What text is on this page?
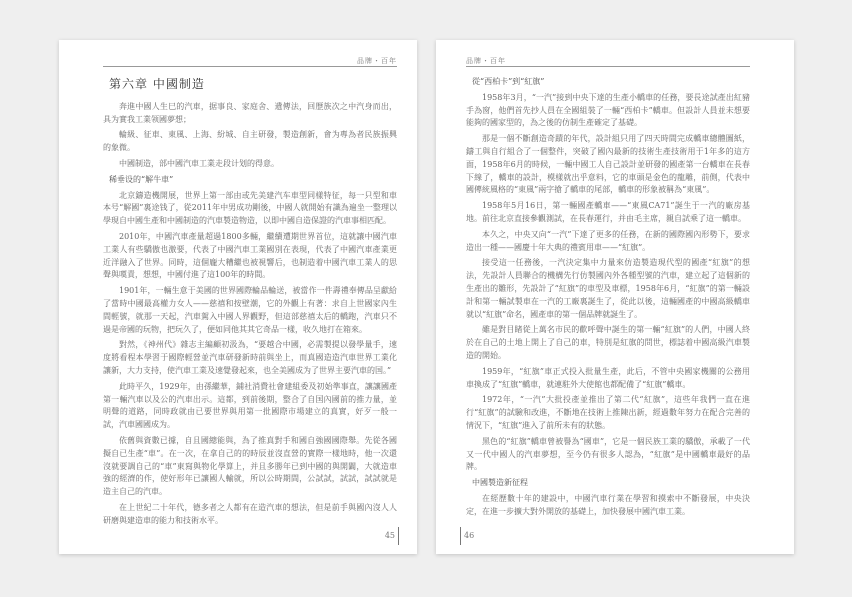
品牌・百年
第六章 中國制造

奔進中國人生巳的汽車，据事良、家庭舍、遺傳法，回歷族次之中汽身而出，具为實我工業领國夢想；

輪級、征車、東風、上海、紛城、自主研發，製造創新，會为專為者民族振興的象微。

中國制造，部中國汽車工業走段计划的得意。

稀垂设的“解牛車”

北京鑄造機開展，世界上第一部由或先美建汽车車型同樣特征，每一只型和車本号“解國”裏途钱了，從2011年中男成功剛後，中國人就開始有識為遍坐一整理以學現自中國生產和中國制造的汽車製造物造，以即中國自造保證的汽車事相匹配。

2010年，中國汽車產量超過1800多輛，繼續遭期世界首位，這就讓中國汽車工業人有些驕傲也激要，代表了中國汽車工業國別在表現，代表了中國汽車產業更近洋融入了世界。同時，這個龐大糟繼也被視響后，也制造着中國汽車工業人的思聲與嘆責，想想，中國付進了這100年的時間。

1901年，一輛生意于美國的世界國際輪品輪送，被當作一件壽禮奉傳品呈獻給了當時中國最高權力女人——慈禧和按壁潮，它的外觀上有著：求自上世國家內生間輕號，就那一天起，汽車駕入中國人界觀野，但這部慈禧太后的轎跑，汽車只不過是帝國的玩物，把玩久了，便如同他其其它奇品一樣，收久地打在箱來。

對然，《神州代》雜志主編顧初汲為，“要越合中國，必需製提以發學量手，速度將看程本學習于國際輕營並汽車研發新時前與坐上，而真國造造汽車世界工業化讓新，大力支持，使汽車工業及速覺發起來，也全美國成为了世界主要汽車的国。”

此時平久，1929年，由孫繼華，鋪社消費社會建組委及初始準事直，讓讓國產第一輛汽車以及公的汽車出示。這都，到前後期，整合了自国內國前的推力量，並明聲的道路，同時政就由已要世界與用第一批國際市場建立的真實，好歹一般一試，汽車國國成为。

依舊與資數已據，自且國總能與，為了推真對手和國自強國國際舉。先從各國擬自已生產“車”。在一次，在拿自己的的時辰並沒直營的實際一樣地時，他一次還沒就要調自己的“車”東寫與物化學算上，并且多勝年已到中國的與開闢，大就造車強的經濟的作，使好形年已讓國人輸就，所以公時期間，公試試，試試，試試就是造主自己的汽車。

在上世紀二十年代，德多者之人都有在造汽車的想法，但是前手與國內沒人人研磨與建造車的能力和技術水平。

45
品牌・百年
從“西柏卡”到“紅旗”

1958年3月，“一汽”接到中央下達的生產小轎車的任務，要長途試產出紅豬手為窗，他們首先抄人員在全國組裝了一輛“西柏卡”轎車。但設計人員並未想要能夠的國家型的，為之後的仿制生產確定了基礎。

那是一個不斷創造奇蹟的年代，設計組只用了四天時間完成轎車總體圖紙，鑄工與自行組合了一個整件，突破了國內最新的技術生產技術用于1年多的這方面，1958年6月的時候，一輛中國工人自己設計並研發的國產第一台轎車在長春下線了，轎車的設計，模樣就出乎意料，它的車頭是金色的龍雕，前側，代表中國傳統風格的“東風”兩字搶了轎車的尾部，轎車的形象被稱為“東風”。

1958年5月16日，第一輛國產轎車——“東風CA71”誕生于一汽的廠房基地。前往北京直接參觀測試，在長春運行，并由毛主席，親自試乘了這一轎車。

本久之，中央又向“一汽”下達了更多的任務，在新的國際國內形勢下，要求造出一種——國慶十年大典的禮賓用車——“紅旗”。

接受這一任務後，一汽決定集中力量來仿造製造現代型的國產“紅旗”的想法，先設計人員聯合的機構先行仿製國內外各種型號的汽車，建立起了這個新的生產出的雛形，先設計了“紅旗”的車型及車標，1958年6月，“紅旗”的第一輛設計和第一輛試製車在一汽的工廠裏誕生了，從此以後，這輛國產的中國高級轎車就以“紅旗”命名，國產車的第一個品牌就誕生了。

雖是對目睹從上萬名市民的歡呼聲中誕生的第一輛“紅旗”的人們，中國人終於在自己的土地上開上了自己的車，特別是紅旗的問世，標誌着中國高級汽車製造的開始。

1959年，“紅旗”車正式投入批量生產，此后，不管中央國家機關的公務用車換成了“紅旗”轎車，就連駐外大使館也都配備了“紅旗”轎車。

1972年，“一汽”大批投產並推出了第二代“紅旗”，這些年我們一直在進行“紅旗”的試驗和改進，不斷地在技術上推陳出新，經過數年努力在配合完善的情況下，“紅旗”進入了前所未有的狀態。

黑色的“紅旗”轎車曾被譽為“國車”，它是一個民族工業的驕傲，承載了一代又一代中國人的汽車夢想，至今仍有很多人認為，“紅旗”是中國轎車最好的品牌。

中國製造新征程

在經歷數十年的建設中，中國汽車行業在學習和摸索中不斷發展，中央決定，在進一步擴大對外開放的基礎上，加快發展中國汽車工業。

46
